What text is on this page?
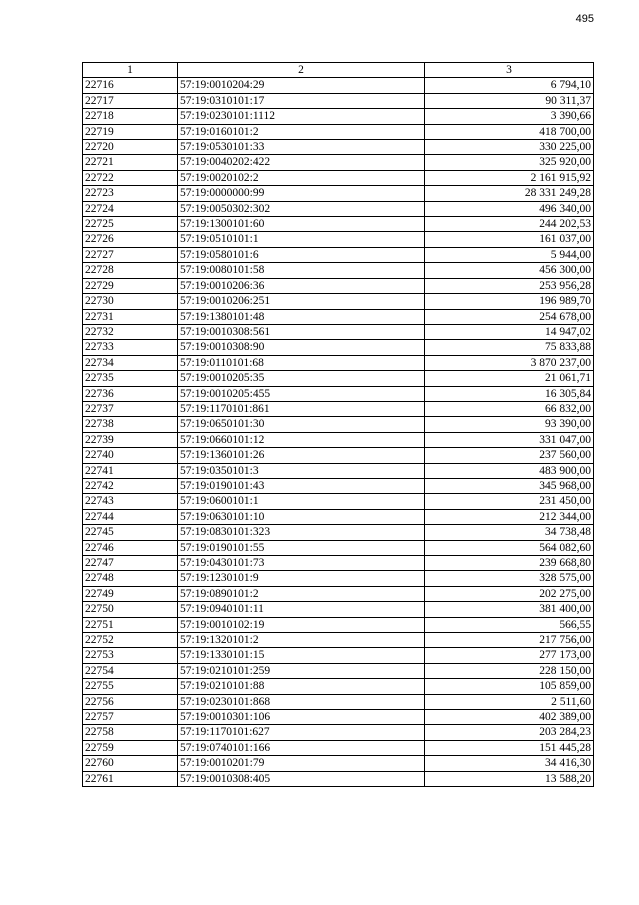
495
1	2	3
22716	57:19:0010204:29	6 794,10
22717	57:19:0310101:17	90 311,37
22718	57:19:0230101:1112	3 390,66
22719	57:19:0160101:2	418 700,00
22720	57:19:0530101:33	330 225,00
22721	57:19:0040202:422	325 920,00
22722	57:19:0020102:2	2 161 915,92
22723	57:19:0000000:99	28 331 249,28
22724	57:19:0050302:302	496 340,00
22725	57:19:1300101:60	244 202,53
22726	57:19:0510101:1	161 037,00
22727	57:19:0580101:6	5 944,00
22728	57:19:0080101:58	456 300,00
22729	57:19:0010206:36	253 956,28
22730	57:19:0010206:251	196 989,70
22731	57:19:1380101:48	254 678,00
22732	57:19:0010308:561	14 947,02
22733	57:19:0010308:90	75 833,88
22734	57:19:0110101:68	3 870 237,00
22735	57:19:0010205:35	21 061,71
22736	57:19:0010205:455	16 305,84
22737	57:19:1170101:861	66 832,00
22738	57:19:0650101:30	93 390,00
22739	57:19:0660101:12	331 047,00
22740	57:19:1360101:26	237 560,00
22741	57:19:0350101:3	483 900,00
22742	57:19:0190101:43	345 968,00
22743	57:19:0600101:1	231 450,00
22744	57:19:0630101:10	212 344,00
22745	57:19:0830101:323	34 738,48
22746	57:19:0190101:55	564 082,60
22747	57:19:0430101:73	239 668,80
22748	57:19:1230101:9	328 575,00
22749	57:19:0890101:2	202 275,00
22750	57:19:0940101:11	381 400,00
22751	57:19:0010102:19	566,55
22752	57:19:1320101:2	217 756,00
22753	57:19:1330101:15	277 173,00
22754	57:19:0210101:259	228 150,00
22755	57:19:0210101:88	105 859,00
22756	57:19:0230101:868	2 511,60
22757	57:19:0010301:106	402 389,00
22758	57:19:1170101:627	203 284,23
22759	57:19:0740101:166	151 445,28
22760	57:19:0010201:79	34 416,30
22761	57:19:0010308:405	13 588,20
